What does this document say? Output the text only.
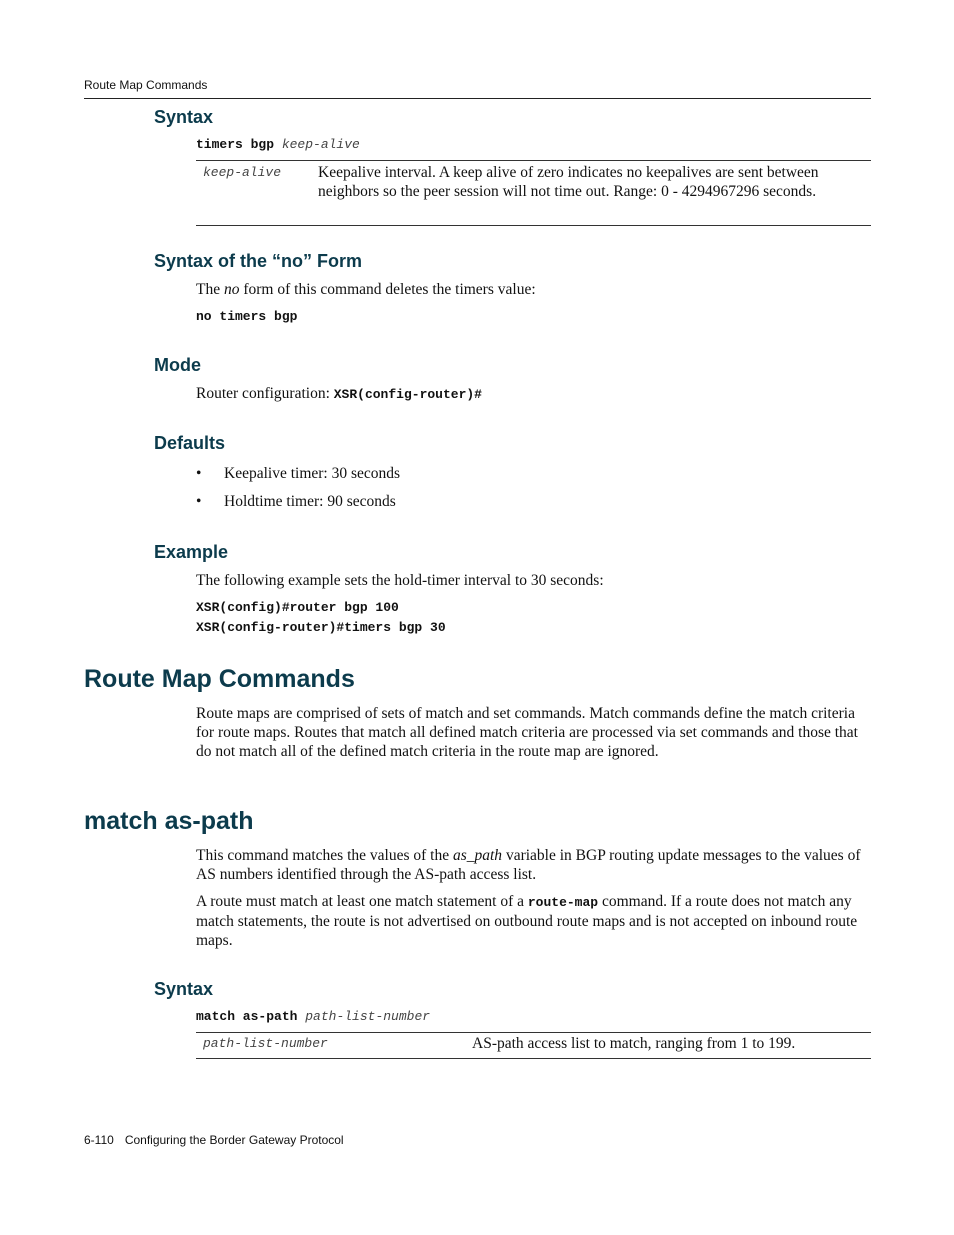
Route Map Commands
Syntax
timers bgp keep-alive
keep-alive Keepalive interval. A keep alive of zero indicates no keepalives are sent between neighbors so the peer session will not time out. Range: 0 - 4294967296 seconds.
Syntax of the “no” Form
The no form of this command deletes the timers value:
no timers bgp
Mode
Router configuration: XSR(config-router)#
Defaults
• Keepalive timer: 30 seconds
• Holdtime timer: 90 seconds
Example
The following example sets the hold-timer interval to 30 seconds:
XSR(config)#router bgp 100
XSR(config-router)#timers bgp 30
Route Map Commands
Route maps are comprised of sets of match and set commands. Match commands define the match criteria for route maps. Routes that match all defined match criteria are processed via set commands and those that do not match all of the defined match criteria in the route map are ignored.
match as-path
This command matches the values of the as_path variable in BGP routing update messages to the values of AS numbers identified through the AS-path access list.
A route must match at least one match statement of a route-map command. If a route does not match any match statements, the route is not advertised on outbound route maps and is not accepted on inbound route maps.
Syntax
match as-path path-list-number
path-list-number	AS-path access list to match, ranging from 1 to 199.
6-110 Configuring the Border Gateway Protocol
